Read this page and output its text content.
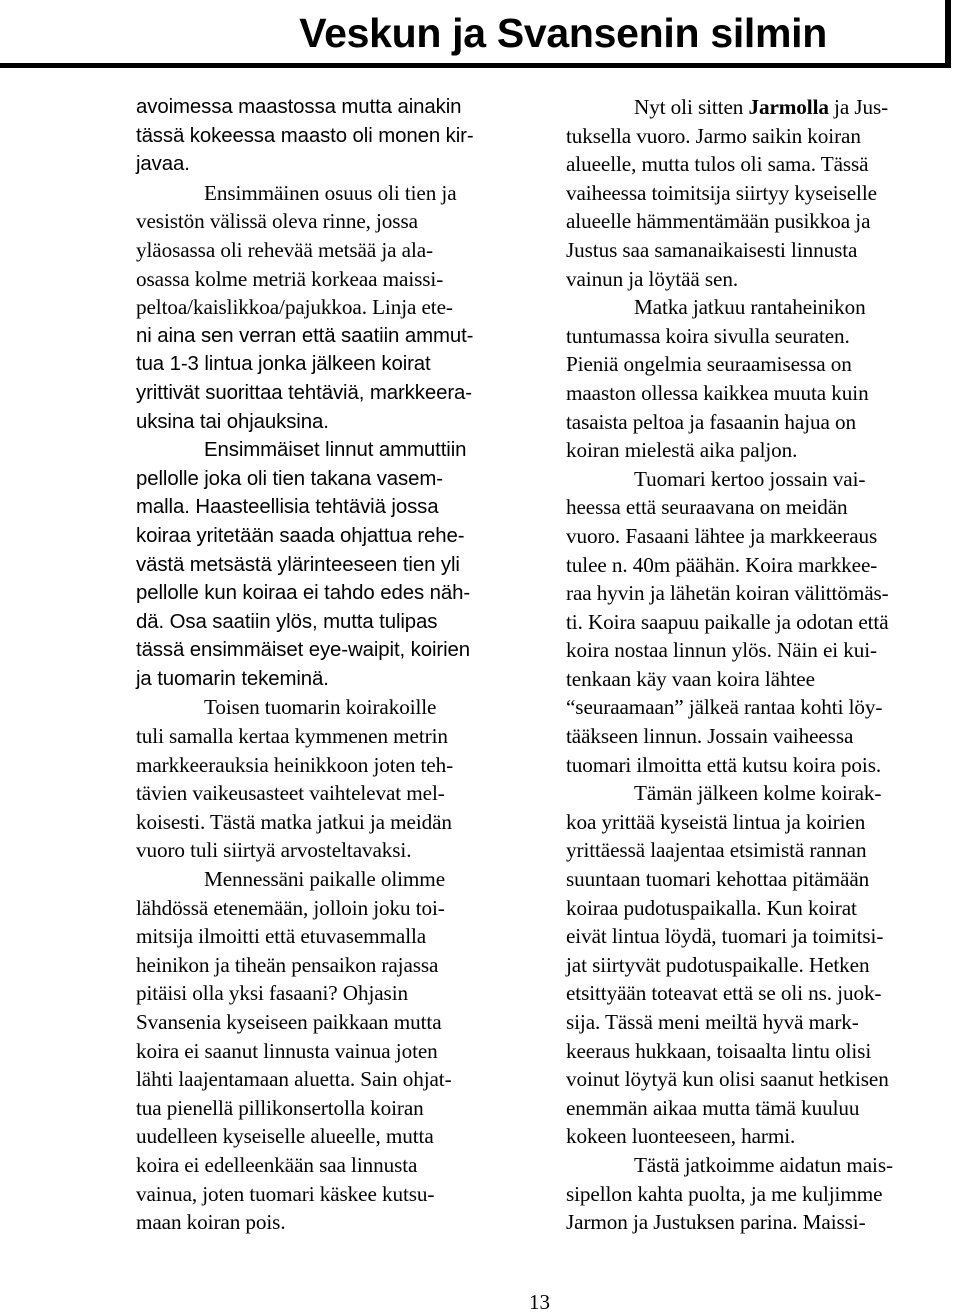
Veskun ja Svansenin silmin
avoimessa maastossa mutta ainakin
tässä kokeessa maasto oli monen kir-
javaa.
Ensimmäinen osuus oli tien ja
vesistön välissä oleva rinne, jossa
yläosassa oli rehevää metsää ja ala-
osassa kolme metriä korkeaa maissi-
peltoa/kaislikkoa/pajukkoa. Linja ete-
ni aina sen verran että saatiin ammut-
tua 1-3 lintua jonka jälkeen koirat
yrittivät suorittaa tehtäviä, markkeera-
uksina tai ohjauksina.
Ensimmäiset linnut ammuttiin
pellolle joka oli tien takana vasem-
malla. Haasteellisia tehtäviä jossa
koiraa yritetään saada ohjattua rehe-
västä metsästä ylärinteeseen tien yli
pellolle kun koiraa ei tahdo edes näh-
dä. Osa saatiin ylös, mutta tulipas
tässä ensimmäiset eye-waipit, koirien
ja tuomarin tekeminä.
Toisen tuomarin koirakoille
tuli samalla kertaa kymmenen metrin
markkeerauksia heinikkoon joten teh-
tävien vaikeusasteet vaihtelevat mel-
koisesti. Tästä matka jatkui ja meidän
vuoro tuli siirtyä arvosteltavaksi.
Mennessäni paikalle olimme
lähdössä etenemään, jolloin joku toi-
mitsija ilmoitti että etuvasemmalla
heinikon ja tiheän pensaikon rajassa
pitäisi olla yksi fasaani? Ohjasin
Svansenia kyseiseen paikkaan mutta
koira ei saanut linnusta vainua joten
lähti laajentamaan aluetta. Sain ohjat-
tua pienellä pillikonsertolla koiran
uudelleen kyseiselle alueelle, mutta
koira ei edelleenkään saa linnusta
vainua, joten tuomari käskee kutsu-
maan koiran pois.
Nyt oli sitten Jarmolla ja Jus-
tuksella vuoro. Jarmo saikin koiran
alueelle, mutta tulos oli sama. Tässä
vaiheessa toimitsija siirtyy kyseiselle
alueelle hämmentämään pusikkoa ja
Justus saa samanaikaisesti linnusta
vainun ja löytää sen.
Matka jatkuu rantaheinikon
tuntumassa koira sivulla seuraten.
Pieniä ongelmia seuraamisessa on
maaston ollessa kaikkea muuta kuin
tasaista peltoa ja fasaanin hajua on
koiran mielestä aika paljon.
Tuomari kertoo jossain vai-
heessa että seuraavana on meidän
vuoro. Fasaani lähtee ja markkeeraus
tulee n. 40m päähän. Koira markkee-
raa hyvin ja lähetän koiran välittömäs-
ti. Koira saapuu paikalle ja odotan että
koira nostaa linnun ylös. Näin ei kui-
tenkaan käy vaan koira lähtee
“seuraamaan” jälkeä rantaa kohti löy-
tääkseen linnun. Jossain vaiheessa
tuomari ilmoitta että kutsu koira pois.
Tämän jälkeen kolme koirak-
koa yrittää kyseistä lintua ja koirien
yrittäessä laajentaa etsimistä rannan
suuntaan tuomari kehottaa pitämään
koiraa pudotuspaikalla. Kun koirat
eivät lintua löydä, tuomari ja toimitsi-
jat siirtyvät pudotuspaikalle. Hetken
etsittyään toteavat että se oli ns. juok-
sija. Tässä meni meiltä hyvä mark-
keeraus hukkaan, toisaalta lintu olisi
voinut löytyä kun olisi saanut hetkisen
enemmän aikaa mutta tämä kuuluu
kokeen luonteeseen, harmi.
Tästä jatkoimme aidatun mais-
sipellon kahta puolta, ja me kuljimme
Jarmon ja Justuksen parina. Maissi-
13
